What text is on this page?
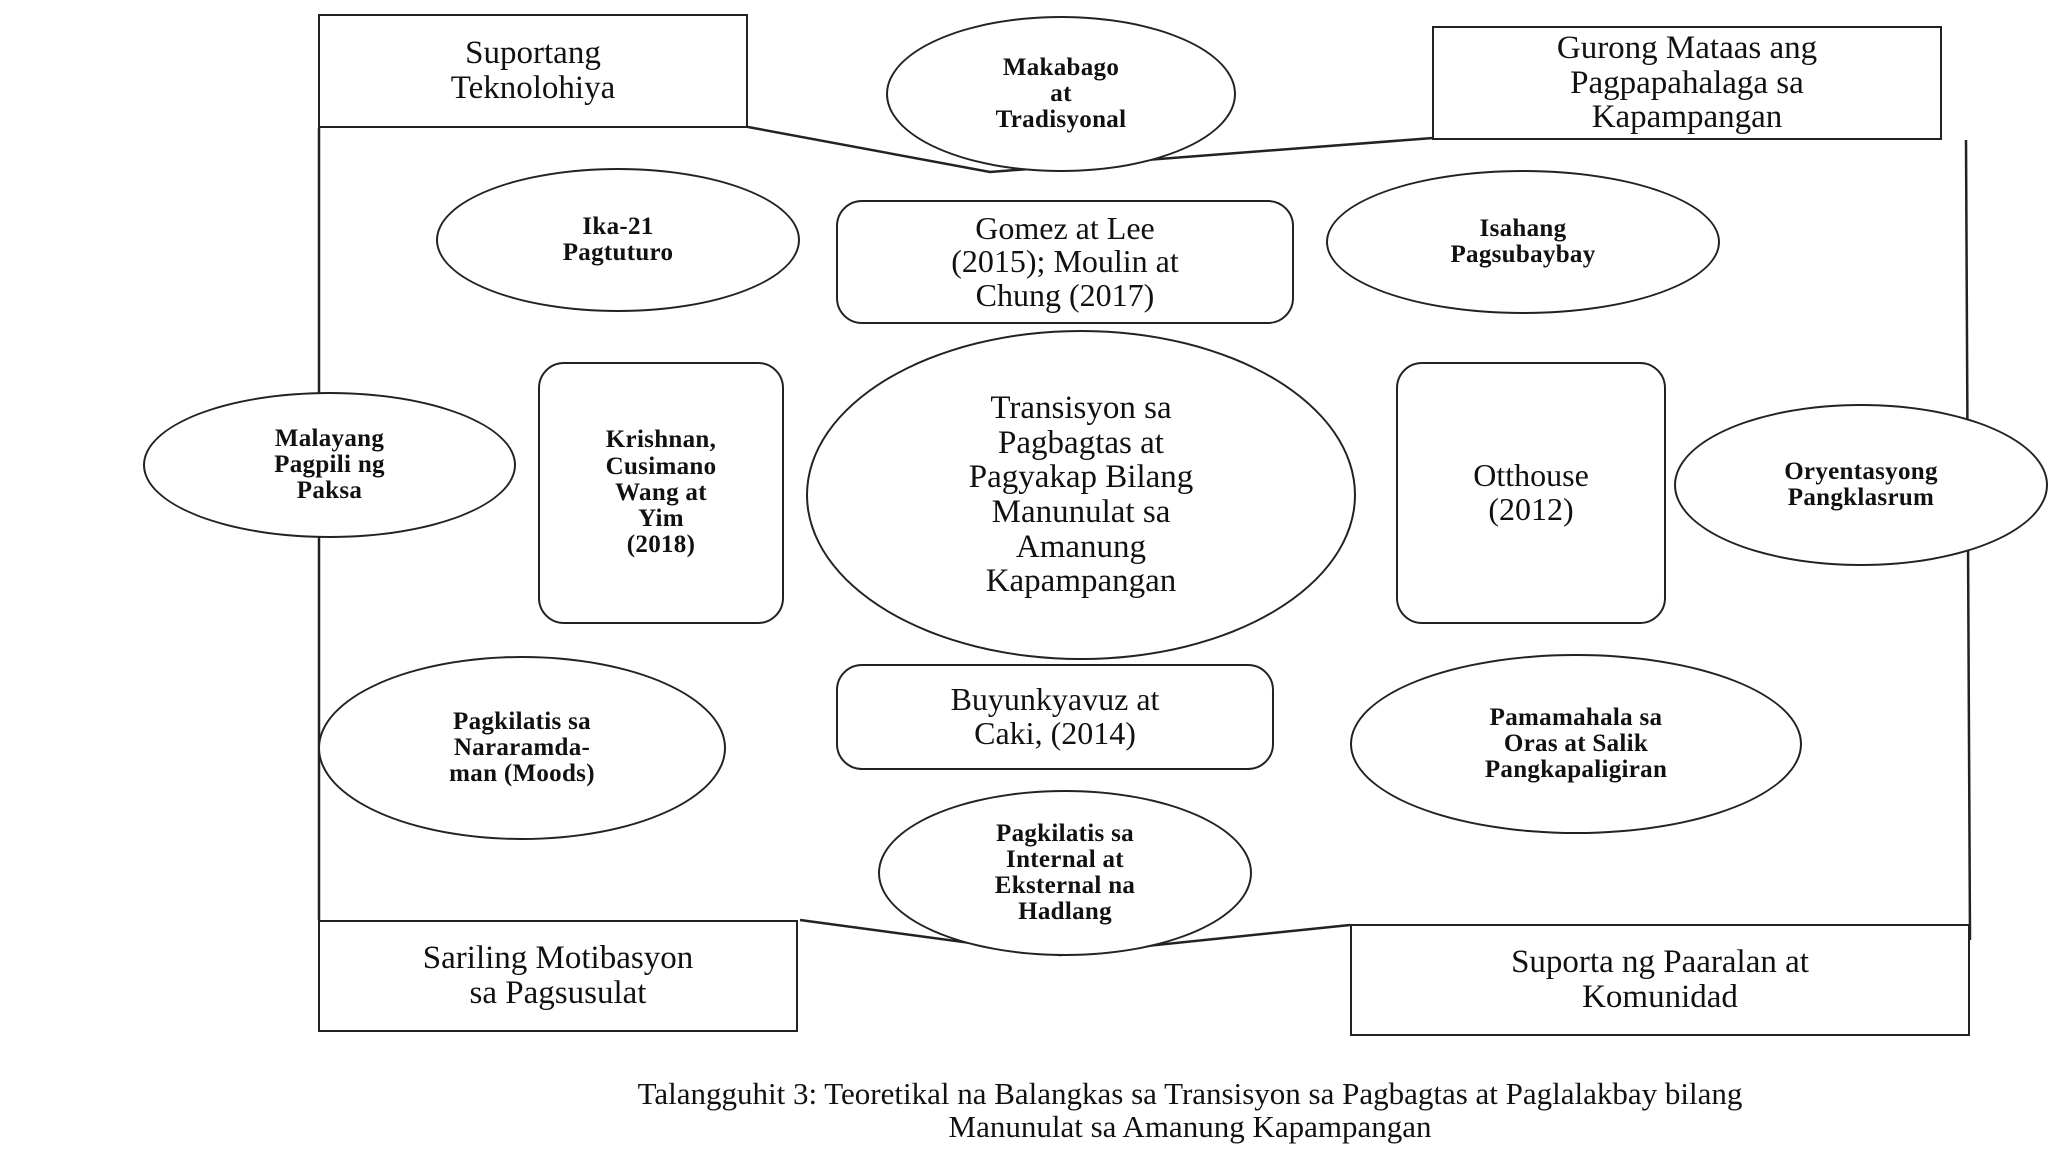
Suportang
Teknolohiya
Gurong Mataas ang
Pagpapahalaga sa
Kapampangan
Sariling Motibasyon
sa Pagsusulat
Suporta ng Paaralan at
Komunidad
Makabago
at
Tradisyonal
Ika-21
Pagtuturo
Isahang
Pagsubaybay
Malayang
Pagpili ng
Paksa
Oryentasyong
Pangklasrum
Pagkilatis sa
Nararamda-
man (Moods)
Pamamahala sa
Oras at Salik
Pangkapaligiran
Pagkilatis sa
Internal at
Eksternal na
Hadlang
Transisyon sa
Pagbagtas at
Pagyakap Bilang
Manunulat sa
Amanung
Kapampangan
Gomez at Lee
(2015); Moulin at
Chung (2017)
Krishnan,
Cusimano
Wang at
Yim
(2018)
Otthouse
(2012)
Buyunkyavuz at
Caki, (2014)
Talangguhit 3: Teoretikal na Balangkas sa Transisyon sa Pagbagtas at Paglalakbay bilang
Manunulat sa Amanung Kapampangan
